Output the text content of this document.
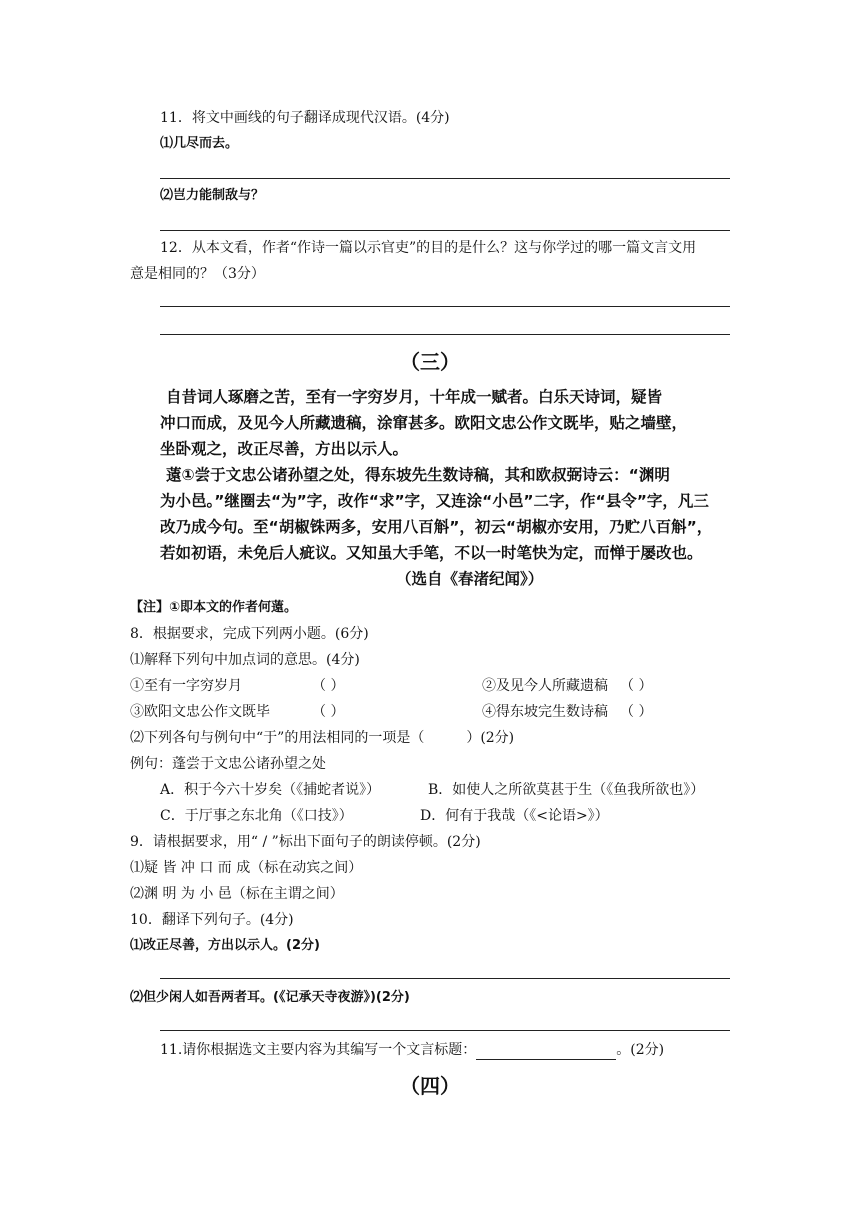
11．将文中画线的句子翻译成现代汉语。(4分)
⑴几尽而去。
⑵岂力能制敌与？
12．从本文看，作者“作诗一篇以示官吏”的目的是什么？这与你学过的哪一篇文言文用
意是相同的？（3分）
（三）
自昔词人琢磨之苦，至有一字穷岁月，十年成一赋者。白乐天诗词，疑皆
冲口而成，及见今人所藏遗稿，涂窜甚多。欧阳文忠公作文既毕，贴之墙壁，
坐卧观之，改正尽善，方出以示人。
薳①尝于文忠公诸孙望之处，得东坡先生数诗稿，其和欧叔弼诗云：“渊明
为小邑。”继圈去“为”字，改作“求”字，又连涂“小邑”二字，作“县令”字，凡三
改乃成今句。至“胡椒铢两多，安用八百斛”，初云“胡椒亦安用，乃贮八百斛”，
若如初语，未免后人疵议。又知虽大手笔，不以一时笔快为定，而惮于屡改也。
（选自《春渚纪闻》）
【注】①即本文的作者何薳。
8．根据要求，完成下列两小题。(6分)
⑴解释下列句中加点词的意思。(4分)
①至有一字穷岁月	（ ）	②及见今人所藏遗稿 （ ）
③欧阳文忠公作文既毕	（ ）	④得东坡完生数诗稿 （ ）
⑵下列各句与例句中“于”的用法相同的一项是（　　　）(2分)
例句：蓬尝于文忠公诸孙望之处
A．积于今六十岁矣（《捕蛇者说》）	B．如使人之所欲莫甚于生（《鱼我所欲也》）
C．于厅事之东北角（《口技》）	D．何有于我哉（《<论语>》）
9．请根据要求，用“ / ”标出下面句子的朗读停顿。(2分)
⑴疑 皆 冲 口 而 成（标在动宾之间）
⑵渊 明 为 小 邑（标在主谓之间）
10．翻译下列句子。(4分)
⑴改正尽善，方出以示人。(2分)
⑵但少闲人如吾两者耳。(《记承天寺夜游》)(2分)
11.请你根据选文主要内容为其编写一个文言标题：	。(2分)
（四）
